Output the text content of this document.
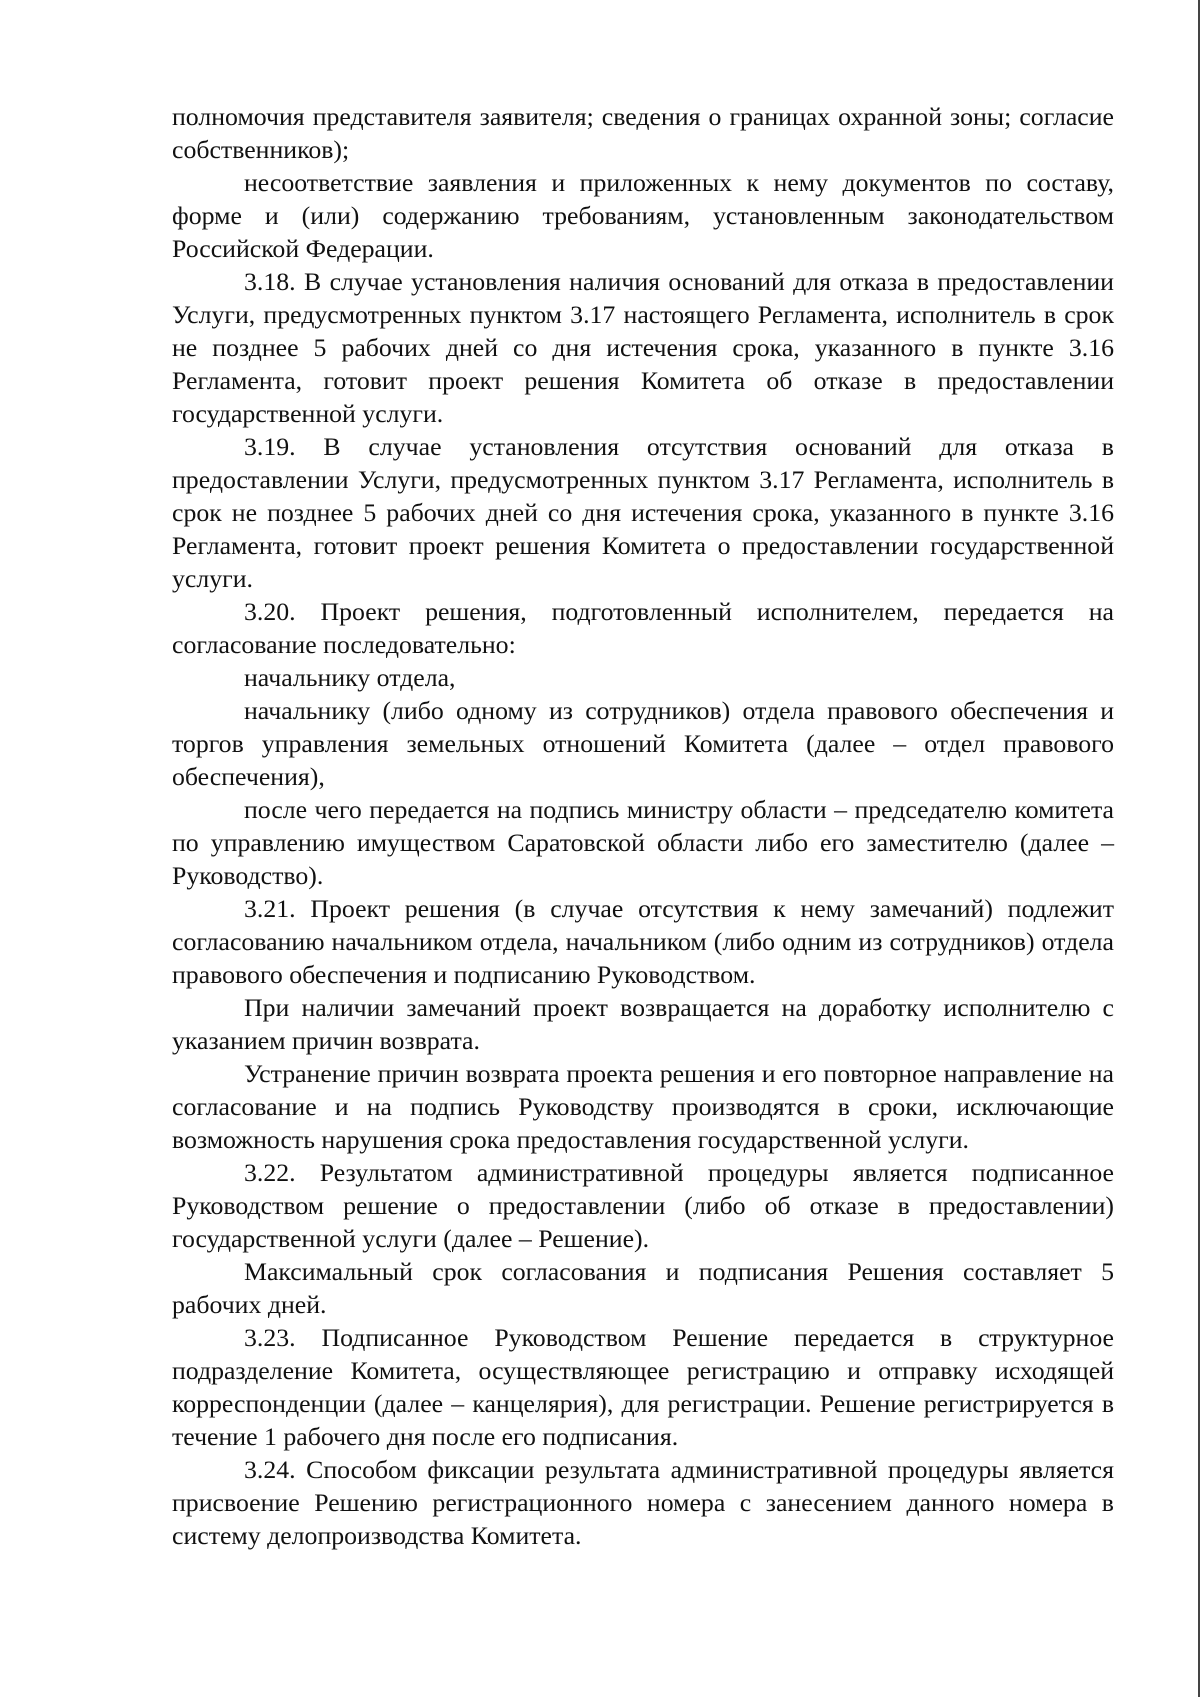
полномочия представителя заявителя; сведения о границах охранной зоны; согласие собственников);

несоответствие заявления и приложенных к нему документов по составу, форме и (или) содержанию требованиям, установленным законодательством Российской Федерации.

3.18. В случае установления наличия оснований для отказа в предоставлении Услуги, предусмотренных пунктом 3.17 настоящего Регламента, исполнитель в срок не позднее 5 рабочих дней со дня истечения срока, указанного в пункте 3.16 Регламента, готовит проект решения Комитета об отказе в предоставлении государственной услуги.

3.19. В случае установления отсутствия оснований для отказа в предоставлении Услуги, предусмотренных пунктом 3.17 Регламента, исполнитель в срок не позднее 5 рабочих дней со дня истечения срока, указанного в пункте 3.16 Регламента, готовит проект решения Комитета о предоставлении государственной услуги.

3.20. Проект решения, подготовленный исполнителем, передается на согласование последовательно:

начальнику отдела,

начальнику (либо одному из сотрудников) отдела правового обеспечения и торгов управления земельных отношений Комитета (далее – отдел правового обеспечения),

после чего передается на подпись министру области – председателю комитета по управлению имуществом Саратовской области либо его заместителю (далее – Руководство).

3.21. Проект решения (в случае отсутствия к нему замечаний) подлежит согласованию начальником отдела, начальником (либо одним из сотрудников) отдела правового обеспечения и подписанию Руководством.

При наличии замечаний проект возвращается на доработку исполнителю с указанием причин возврата.

Устранение причин возврата проекта решения и его повторное направление на согласование и на подпись Руководству производятся в сроки, исключающие возможность нарушения срока предоставления государственной услуги.

3.22. Результатом административной процедуры является подписанное Руководством решение о предоставлении (либо об отказе в предоставлении) государственной услуги (далее – Решение).

Максимальный срок согласования и подписания Решения составляет 5 рабочих дней.

3.23. Подписанное Руководством Решение передается в структурное подразделение Комитета, осуществляющее регистрацию и отправку исходящей корреспонденции (далее – канцелярия), для регистрации. Решение регистрируется в течение 1 рабочего дня после его подписания.

3.24. Способом фиксации результата административной процедуры является присвоение Решению регистрационного номера с занесением данного номера в систему делопроизводства Комитета.
